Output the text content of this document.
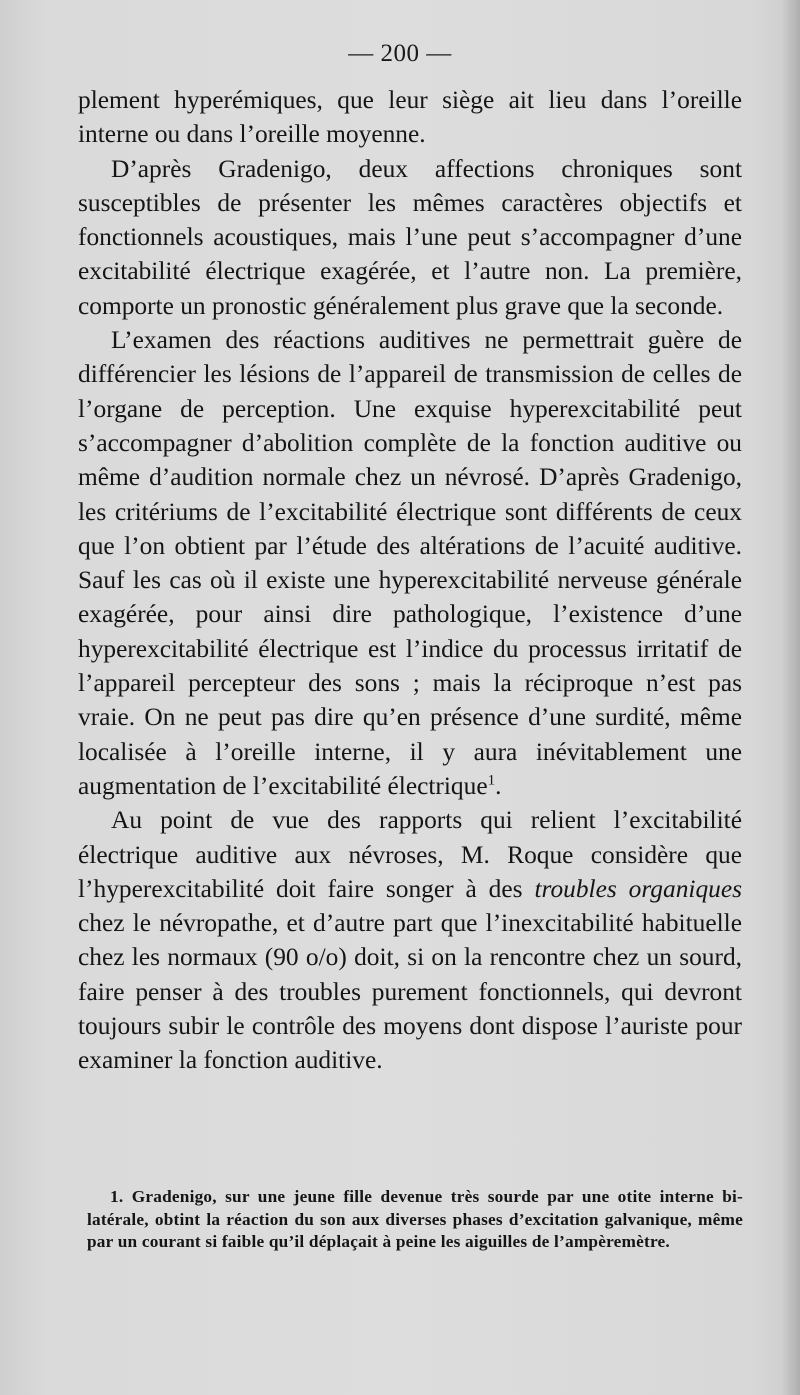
— 200 —

plement hyperémiques, que leur siège ait lieu dans l’oreille interne ou dans l’oreille moyenne.

D’après Gradenigo, deux affections chroniques sont susceptibles de présenter les mêmes caractères objectifs et fonctionnels acoustiques, mais l’une peut s’accompagner d’une excitabilité électrique exagérée, et l’autre non. La première, comporte un pronostic généralement plus grave que la seconde.

L’examen des réactions auditives ne permettrait guère de différencier les lésions de l’appareil de transmission de celles de l’organe de perception. Une exquise hyperexcitabilité peut s’accompagner d’abolition complète de la fonction auditive ou même d’audition normale chez un névrosé. D’après Gradenigo, les critériums de l’excitabilité électrique sont différents de ceux que l’on obtient par l’étude des altérations de l’acuité auditive. Sauf les cas où il existe une hyperexcitabilité nerveuse générale exagérée, pour ainsi dire pathologique, l’existence d’une hyperexcitabilité électrique est l’indice du processus irritatif de l’appareil percepteur des sons ; mais la réciproque n’est pas vraie. On ne peut pas dire qu’en présence d’une surdité, même localisée à l’oreille interne, il y aura inévitablement une augmentation de l’excitabilité électrique$^1$.

Au point de vue des rapports qui relient l’excitabilité électrique auditive aux névroses, M. Roque considère que l’hyperexcitabilité doit faire songer à des troubles organiques chez le névropathe, et d’autre part que l’inexcitabilité habituelle chez les normaux (90 o/o) doit, si on la rencontre chez un sourd, faire penser à des troubles purement fonctionnels, qui devront toujours subir le contrôle des moyens dont dispose l’auriste pour examiner la fonction auditive.

1. Gradenigo, sur une jeune fille devenue très sourde par une otite interne bi-latérale, obtint la réaction du son aux diverses phases d’excitation galvanique, même par un courant si faible qu’il déplaçait à peine les aiguilles de l’ampèremètre.
